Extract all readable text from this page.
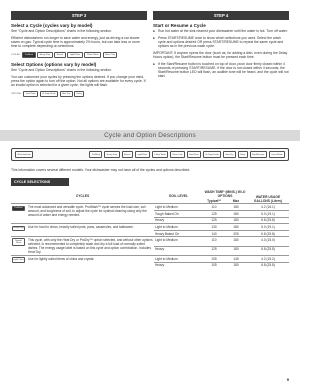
STEP 3	STEP 4
Select a Cycle (cycles vary by model)

See “Cycle and Option Descriptions” charts in the following section.

Efficient dishwashers run longer to save water and energy, just as driving a car slower saves on gas. Typical cycle time is approximately 2½ hours, but can take less or more time to complete depending on selections.

CYCLES	ProWash	Heavy Duty	Normal	Light/China	1-Hour Wash	Rinse Only
Select Options (options vary by model)

See “Cycle and Option Descriptions” charts in the following section.

You can customize your cycles by pressing the options desired. If you change your mind, press the option again to turn off the option. Not all options are available for every cycle. If an invalid option is selected for a given cycle, the lights will flash.

OPTIONS	Sani Rinse	Hi Temp Scrub	Heat Dry	Delay
Start or Resume a Cycle
■ Run hot water at the sink nearest your dishwasher until the water is hot. Turn off water.
■ Press START/RESUME once to show which selections you used. Select the wash cycle and options desired OR press START/RESUME to repeat the same cycle and options as in the previous wash cycle.

IMPORTANT: If anyone opens the door (such as, for adding a dish, even during the Delay Hours option), the Start/Resume button must be pressed each time.

■ If the Start/Resume button is touched on top of door, push door firmly closed within 4 seconds of pressing START/RESUME. If the door is not closed within 4 seconds, the Start/Resume button LED will flash, an audible tone will be heard, and the cycle will not start.
Cycle and Option Descriptions
Wash Indicator	ProWash	Heavy Duty	Normal	Light/China	1-Hour Wash	Rinse Only	Sani Rinse	Hi Temp Scrub	Heat Dry	Delay	Start/Resume	Cancel/Drain
This information covers several different models. Your dishwasher may not have all of the cycles and options described.
CYCLE SELECTIONS
CYCLES		SOIL LEVEL	WASH TIME* (MINS.) W/-O OPTIONS		WATER USAGE GALLONS (Liters)
			Typical**	Max	
ProWash	The most advanced and versatile cycle. ProWash™ cycle senses the load size, soil amount, and toughness of soil, to adjust the cycle for optimal cleaning using only the amount of water and energy needed.	Light to Medium	110	180	4.2 (16.1)
		Tough Baked On	125	180	5.0 (19.1)
		Heavy	125	180	6.8 (25.8)
Heavy Duty	Use for hard to clean, heavily soiled pots, pans, casseroles, and tableware.	Light to Medium	130	180	5.0 (19.1)
		Heavy Baked On	140	205	6.8 (25.8)
Normal Wash	This cycle, with only the Heat Dry or ProDry™ option selected, and without other options selected, is recommended to completely wash and dry a full load of normally soiled dishes. The energy usage label is based on this cycle and option combination. Includes Heat Dry.	Light to Medium	110	180	4.0 (15.0)
		Heavy	125	180	6.8 (25.8)
Light/ China	Use for lightly soiled items of china and crystal.	Light to Medium	105	145	4.2 (15.2)
		Heavy	105	180	6.8 (25.8)
9
